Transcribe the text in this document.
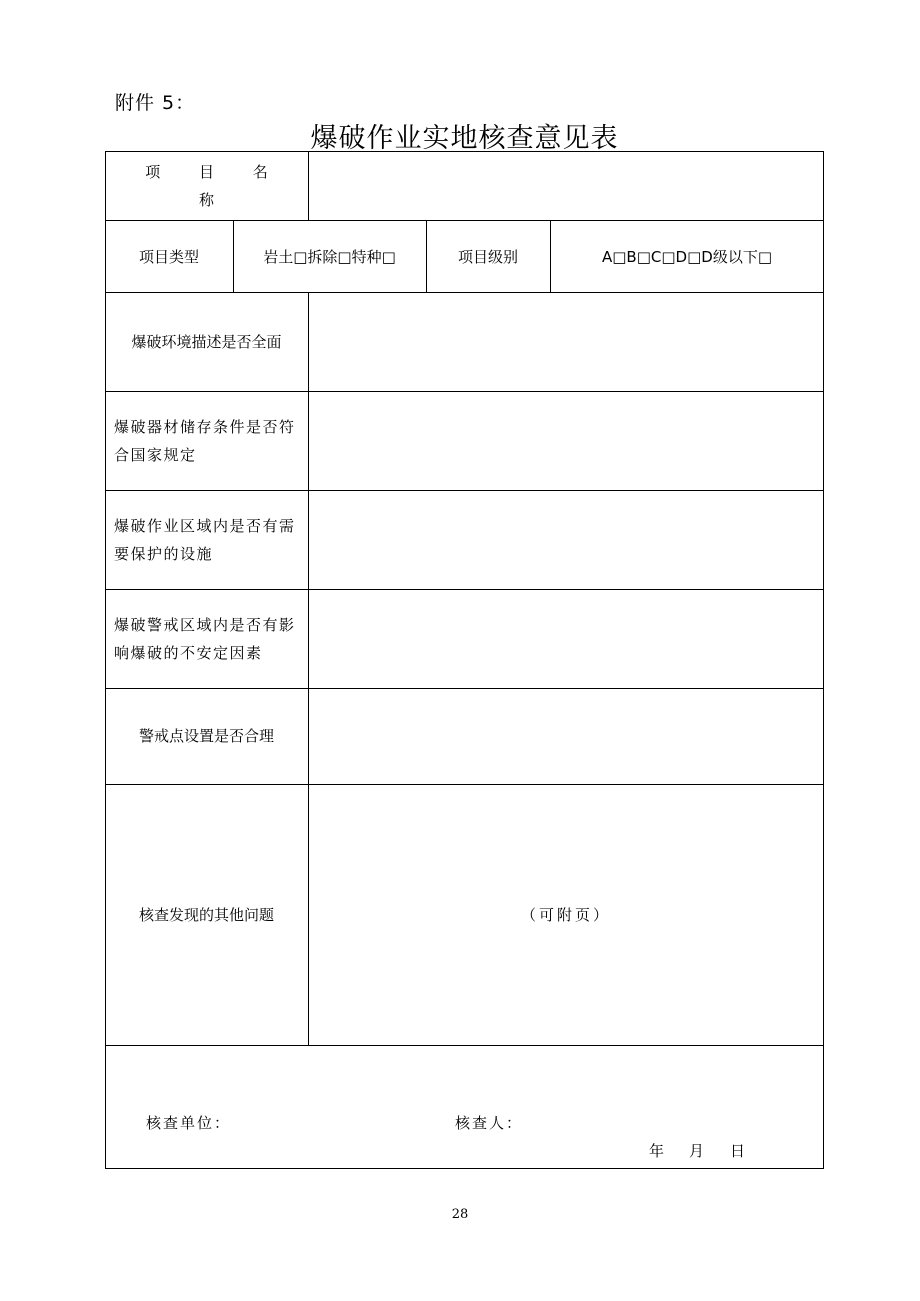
附件 5：
爆破作业实地核查意见表
项 目 名 称
项目类型	岩土□拆除□特种□	项目级别	A□B□C□D□D级以下□
爆破环境描述是否全面
爆破器材储存条件是否符
合国家规定
爆破作业区域内是否有需
要保护的设施
爆破警戒区域内是否有影
响爆破的不安定因素
警戒点设置是否合理
核查发现的其他问题	（可附页）
核查单位：	核查人：
年 月 日
28
